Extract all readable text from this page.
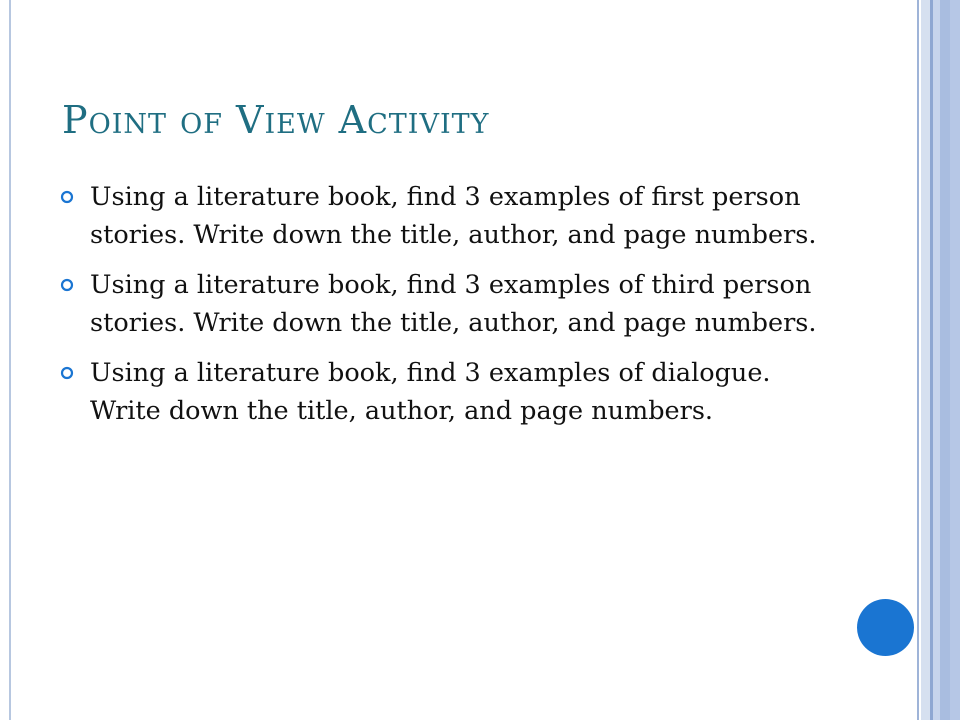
Point of View Activity
Using a literature book, find 3 examples of first person stories. Write down the title, author, and page numbers.
Using a literature book, find 3 examples of third person stories. Write down the title, author, and page numbers.
Using a literature book, find 3 examples of dialogue. Write down the title, author, and page numbers.
